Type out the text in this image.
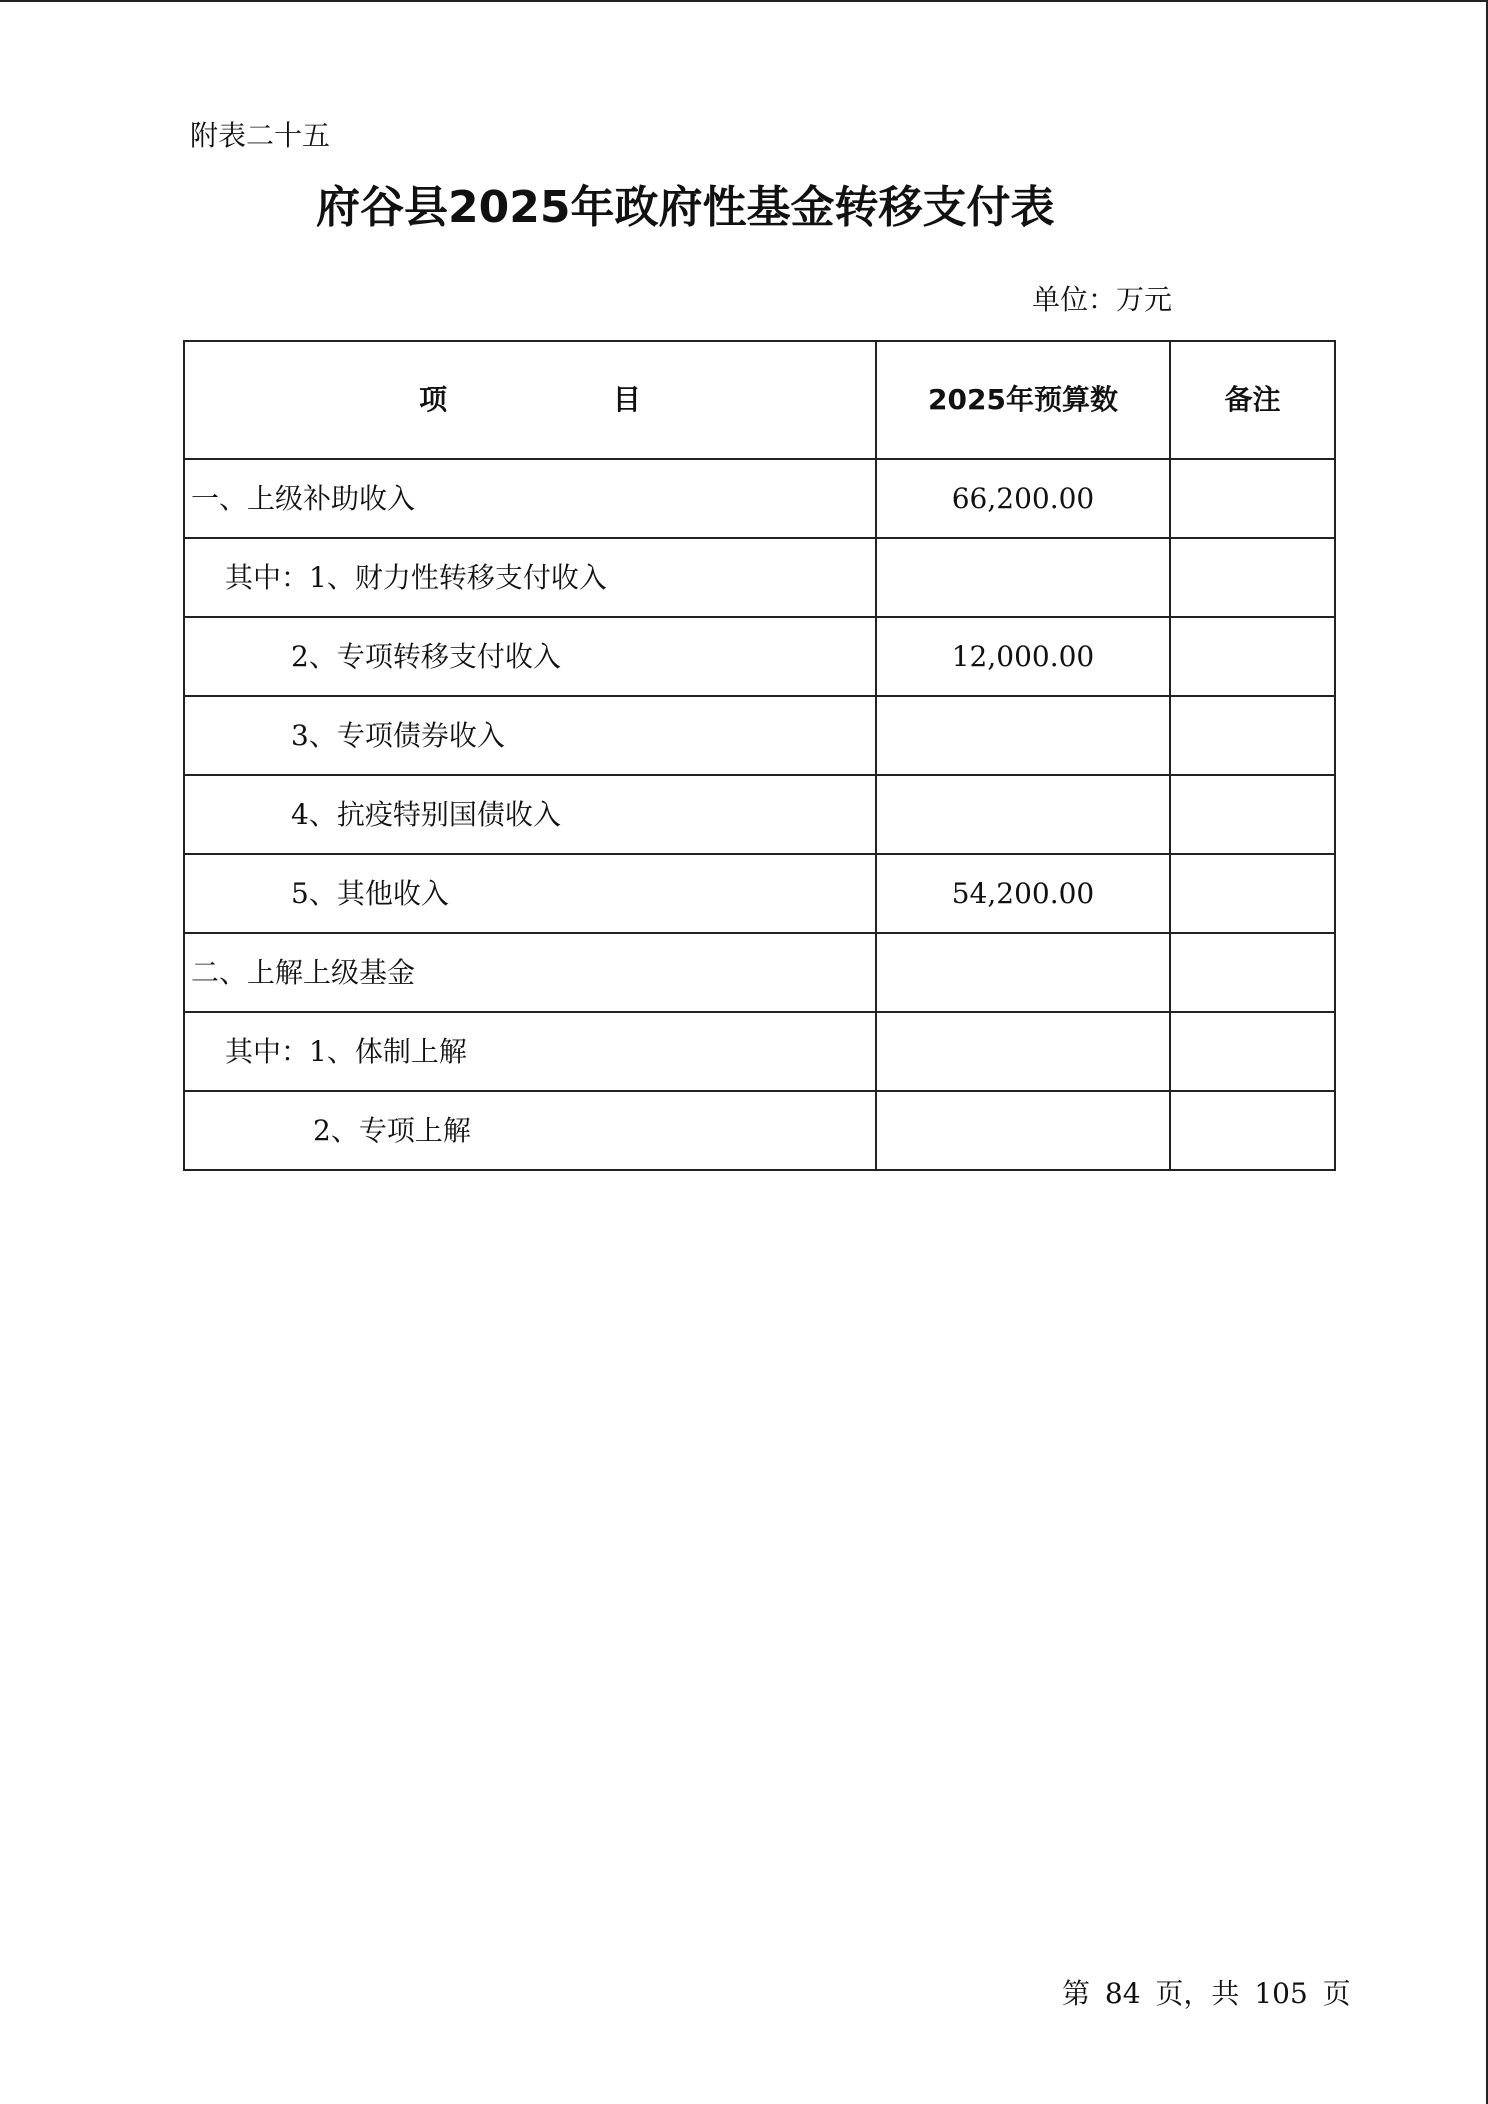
附表二十五
府谷县2025年政府性基金转移支付表
单位：万元
项 目	2025年预算数	备注
一、上级补助收入	66,200.00	
其中：1、财力性转移支付收入		
2、专项转移支付收入	12,000.00	
3、专项债券收入		
4、抗疫特别国债收入		
5、其他收入	54,200.00	
二、上解上级基金		
其中：1、体制上解		
2、专项上解		
第 84 页，共 105 页
